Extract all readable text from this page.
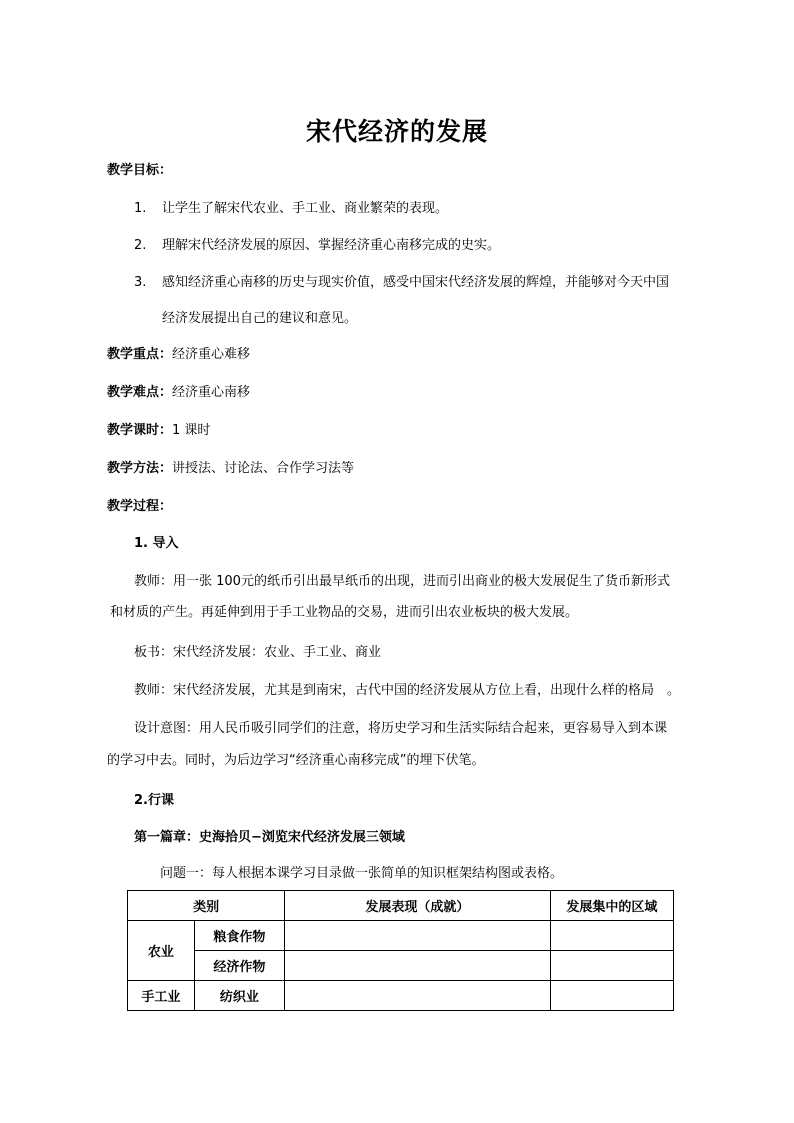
宋代经济的发展
教学目标：
1. 让学生了解宋代农业、手工业、商业繁荣的表现。
2. 理解宋代经济发展的原因、掌握经济重心南移完成的史实。
3. 感知经济重心南移的历史与现实价值，感受中国宋代经济发展的辉煌，并能够对今天中国
经济发展提出自己的建议和意见。
教学重点：经济重心难移
教学难点：经济重心南移
教学课时：1 课时
教学方法：讲授法、讨论法、合作学习法等
教学过程：
1. 导入
教师：用一张 100元的纸币引出最早纸币的出现，进而引出商业的极大发展促生了货币新形式
和材质的产生。再延伸到用于手工业物品的交易，进而引出农业板块的极大发展。
板书：宋代经济发展：农业、手工业、商业
教师：宋代经济发展，尤其是到南宋，古代中国的经济发展从方位上看，出现什么样的格局　。
设计意图：用人民币吸引同学们的注意，将历史学习和生活实际结合起来，更容易导入到本课
的学习中去。同时，为后边学习“经济重心南移完成”的埋下伏笔。
2.行课
第一篇章：史海拾贝−浏览宋代经济发展三领域
问题一：每人根据本课学习目录做一张简单的知识框架结构图或表格。
类别		发展表现（成就）	发展集中的区域
农业	粮食作物		
	经济作物		
手工业	纺织业		
